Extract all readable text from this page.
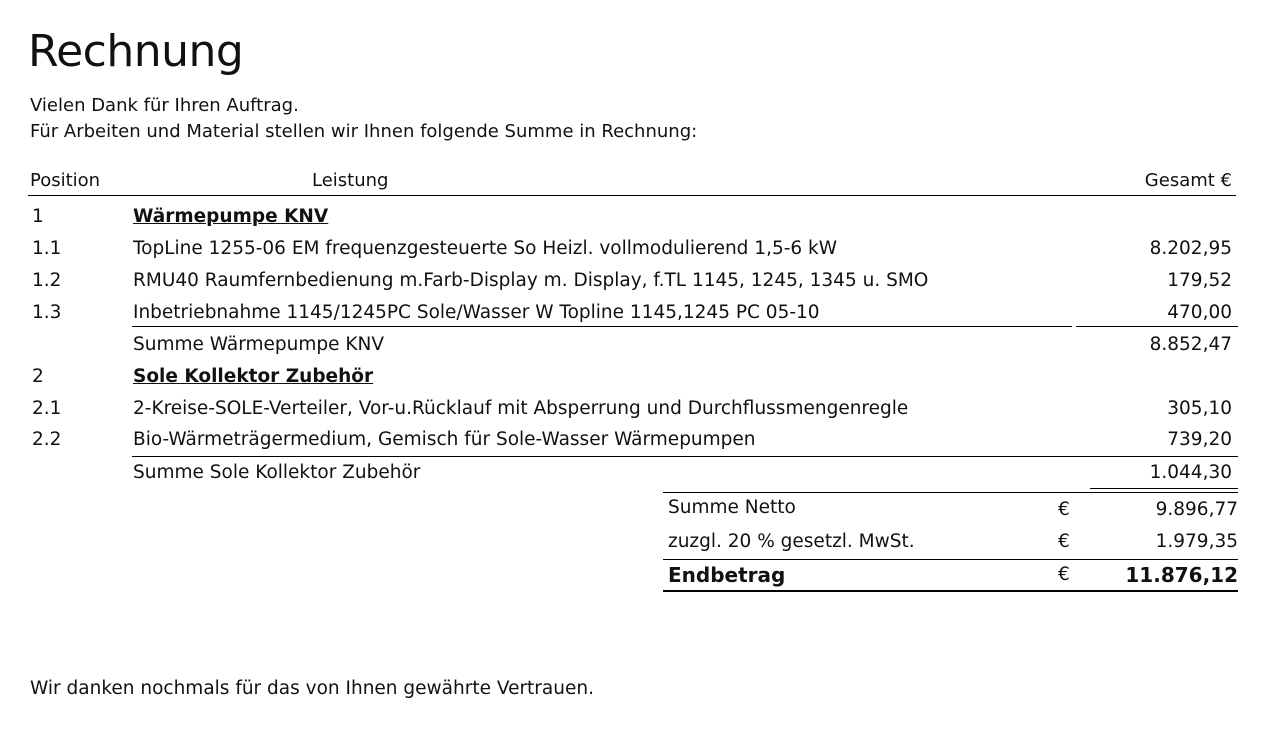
Rechnung
Vielen Dank für Ihren Auftrag.
Für Arbeiten und Material stellen wir Ihnen folgende Summe in Rechnung:
Position	Leistung	Gesamt €
1	Wärmepumpe KNV
1.1	TopLine 1255-06 EM frequenzgesteuerte So Heizl. vollmodulierend 1,5-6 kW	8.202,95
1.2	RMU40 Raumfernbedienung m.Farb-Display m. Display, f.TL 1145, 1245, 1345 u. SMO	179,52
1.3	Inbetriebnahme 1145/1245PC Sole/Wasser W Topline 1145,1245 PC 05-10	470,00
Summe Wärmepumpe KNV	8.852,47
2	Sole Kollektor Zubehör
2.1	2-Kreise-SOLE-Verteiler, Vor-u.Rücklauf mit Absperrung und Durchflussmengenregle	305,10
2.2	Bio-Wärmeträgermedium, Gemisch für Sole-Wasser Wärmepumpen	739,20
Summe Sole Kollektor Zubehör	1.044,30
Summe Netto	€	9.896,77
zuzgl. 20 % gesetzl. MwSt.	€	1.979,35
Endbetrag	€	11.876,12
Wir danken nochmals für das von Ihnen gewährte Vertrauen.
